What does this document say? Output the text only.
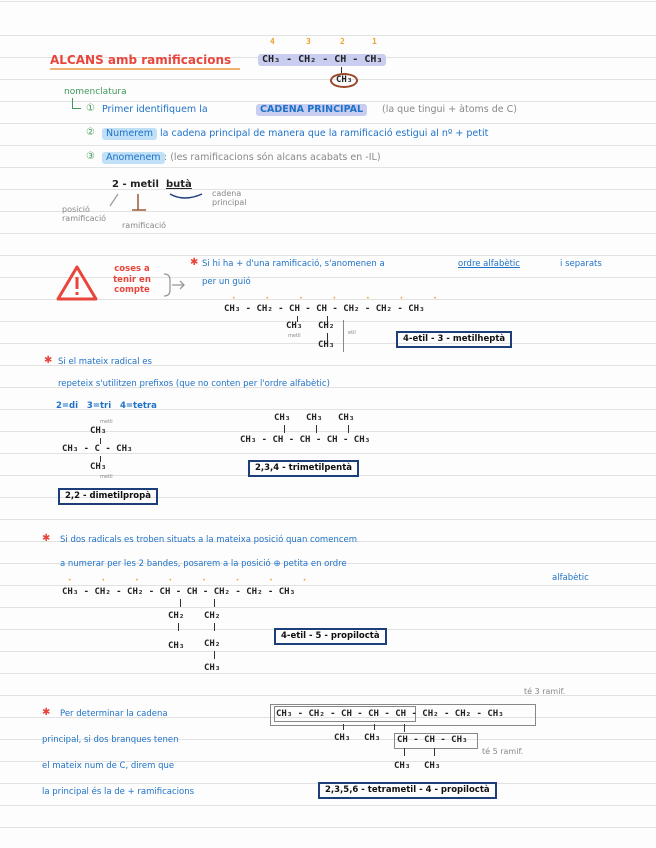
ALCANS amb ramificacions
4	3	2	1
CH₃ - CH₂ - CH - CH₃
CH₃
nomenclatura
① Primer identifiquem la	CADENA PRINCIPAL	(la que tingui + àtoms de C)
②	Numerem la cadena principal de manera que la ramificació estigui al nº + petit
③	Anomenem : (les ramificacions són alcans acabats en -IL)
2 - metil butà
posició ramificació
ramificació
cadena principal
coses a tenir en compte
✱ Si hi ha + d'una ramificació, s'anomenen a	ordre alfabètic	i separats
per un guió
•••••••
CH₃ - CH₂ - CH - CH - CH₂ - CH₂ - CH₃
CH₃
metil
CH₂
CH₃
etil
4-etil - 3 - metilheptà
✱ Si el mateix radical es
repeteix s'utilitzen prefixos (que no conten per l'ordre alfabètic)
2=di   3=tri   4=tetra
metil
CH₃
CH₃ - C - CH₃
CH₃
metil
2,2 - dimetilpropà
CH₃ CH₃ CH₃
CH₃ - CH - CH - CH - CH₃
2,3,4 - trimetilpentà
✱ Si dos radicals es troben situats a la mateixa posició quan comencem
a numerar per les 2 bandes, posarem a la posició ⊕ petita en ordre
alfabètic
••••••••
CH₃ - CH₂ - CH₂ - CH - CH - CH₂ - CH₂ - CH₃
CH₂
CH₃
CH₂
CH₂
CH₃
4-etil - 5 - propiloctà
✱ Per determinar la cadena
principal, si dos branques tenen
el mateix num de C, direm que
la principal és la de + ramificacions
té 3 ramif.
CH₃ - CH₂ - CH - CH - CH - CH₂ - CH₂ - CH₃
CH₃ CH₃ CH - CH - CH₃
té 5 ramif.
CH₃ CH₃
2,3,5,6 - tetrametil - 4 - propiloctà
